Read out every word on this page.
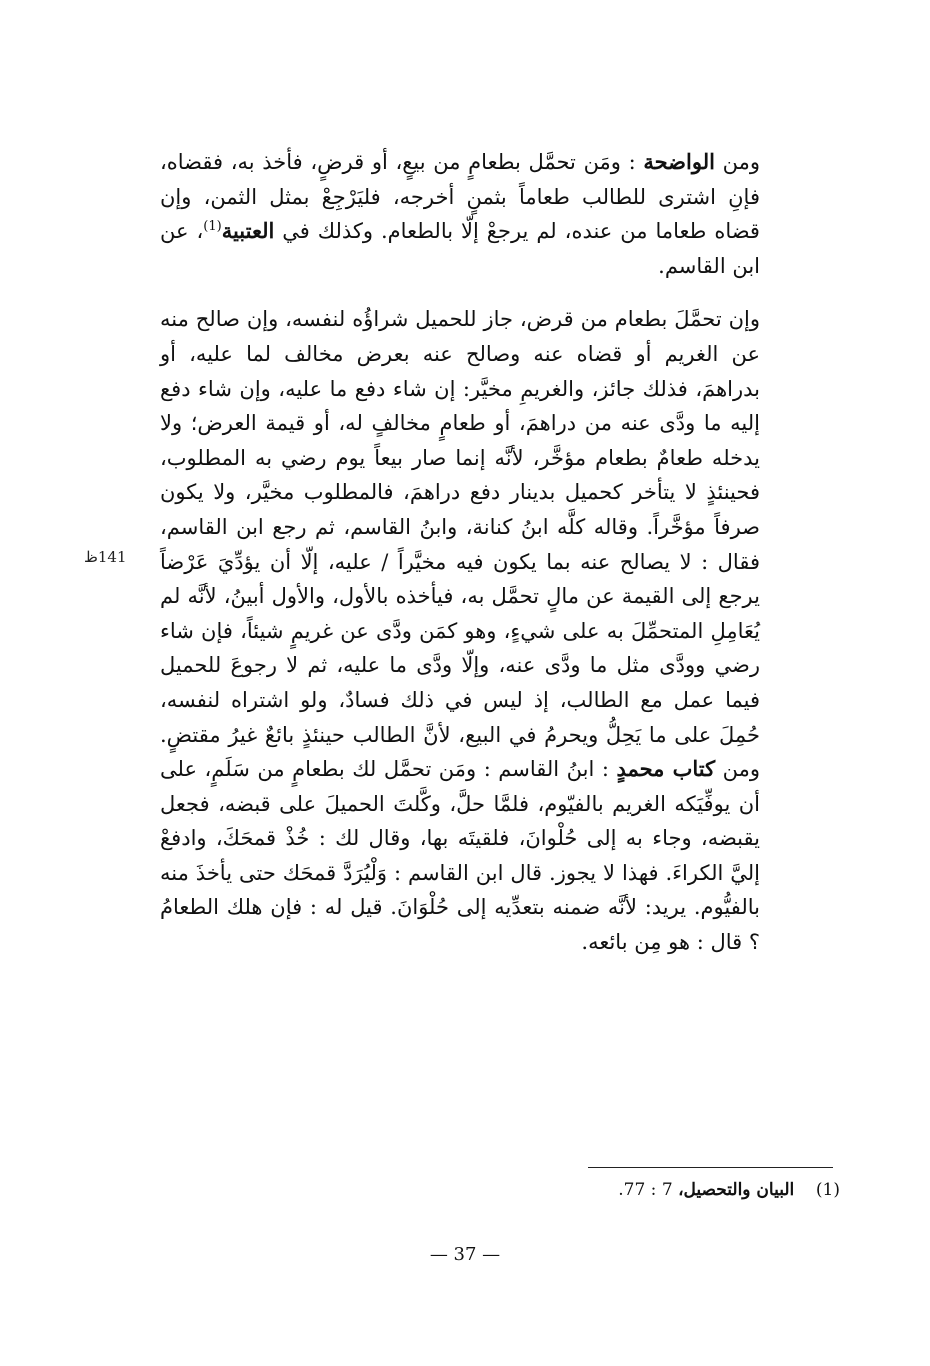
ومن الواضحة : ومَن تحمَّل بطعامٍ من بيعٍ، أو قرضٍ، فأخذ به، فقضاه، فإنِ اشترى للطالب طعاماً بثمنٍ أخرجه، فليَرْجِعْ بمثل الثمن، وإن قضاه طعاما من عنده، لم يرجعْ إلّا بالطعام. وكذلك في العتبية$^{(1)}$، عن ابن القاسم.

وإن تحمَّلَ بطعام من قرض، جاز للحميل شراؤُه لنفسه، وإن صالح منه عن الغريم أو قضاه عنه وصالح عنه بعرض مخالف لما عليه، أو بدراهمَ، فذلك جائز، والغريمِ مخيَّر: إن شاء دفع ما عليه، وإن شاء دفع إليه ما ودَّى عنه من دراهمَ، أو طعامٍ مخالفٍ له، أو قيمة العرض؛ ولا يدخله طعامٌ بطعام مؤخَّر، لأنَّه إنما صار بيعاً يوم رضي به المطلوب، فحينئذٍ لا يتأخر كحميل بدينار دفع دراهمَ، فالمطلوب مخيَّر، ولا يكون صرفاً مؤخَّراً. وقاله كلَّه ابنُ كنانة، وابنُ القاسم، ثم رجع ابن القاسم، فقال : لا يصالح عنه بما يكون فيه مخيَّراً / عليه، إلّا أن يؤدِّيَ عَرْضاً يرجع إلى القيمة عن مالٍ تحمَّل به، فيأخذه بالأول، والأول أبينُ، لأنَّه لم يُعَامِلِ المتحمِّلَ به على شيءٍ، وهو كمَن ودَّى عن غريمٍ شيئاً، فإن شاء رضي وودَّى مثل ما ودَّى عنه، وإلّا ودَّى ما عليه، ثم لا رجوعَ للحميل فيما عمل مع الطالب، إذ ليس في ذلك فسادٌ، ولو اشتراه لنفسه، حُمِلَ على ما يَحِلُّ ويحرمُ في البيع، لأنَّ الطالب حينئذٍ بائعٌ غيرُ مقتضٍ. ومن كتاب محمدٍ : ابنُ القاسم : ومَن تحمَّل لك بطعامٍ من سَلَمٍ، على أن يوفِّيَكه الغريم بالفيّوم، فلمَّا حلَّ، وكَّلتَ الحميلَ على قبضه، فجعل يقبضه، وجاء به إلى حُلْوانَ، فلقيتَه بها، وقال لك : خُذْ قمحَكَ، وادفعْ إليَّ الكراءَ. فهذا لا يجوز. قال ابن القاسم : وَلْيُرَدَّ قمحَك حتى يأخذَ منه بالفيُّوم. يريد: لأنَّه ضمنه بتعدِّيه إلى حُلْوَانَ. قيل له : فإن هلك الطعامُ ؟ قال : هو مِن بائعه.

141ظ
(1)    البيان والتحصيل، 7 : 77.
— 37 —
